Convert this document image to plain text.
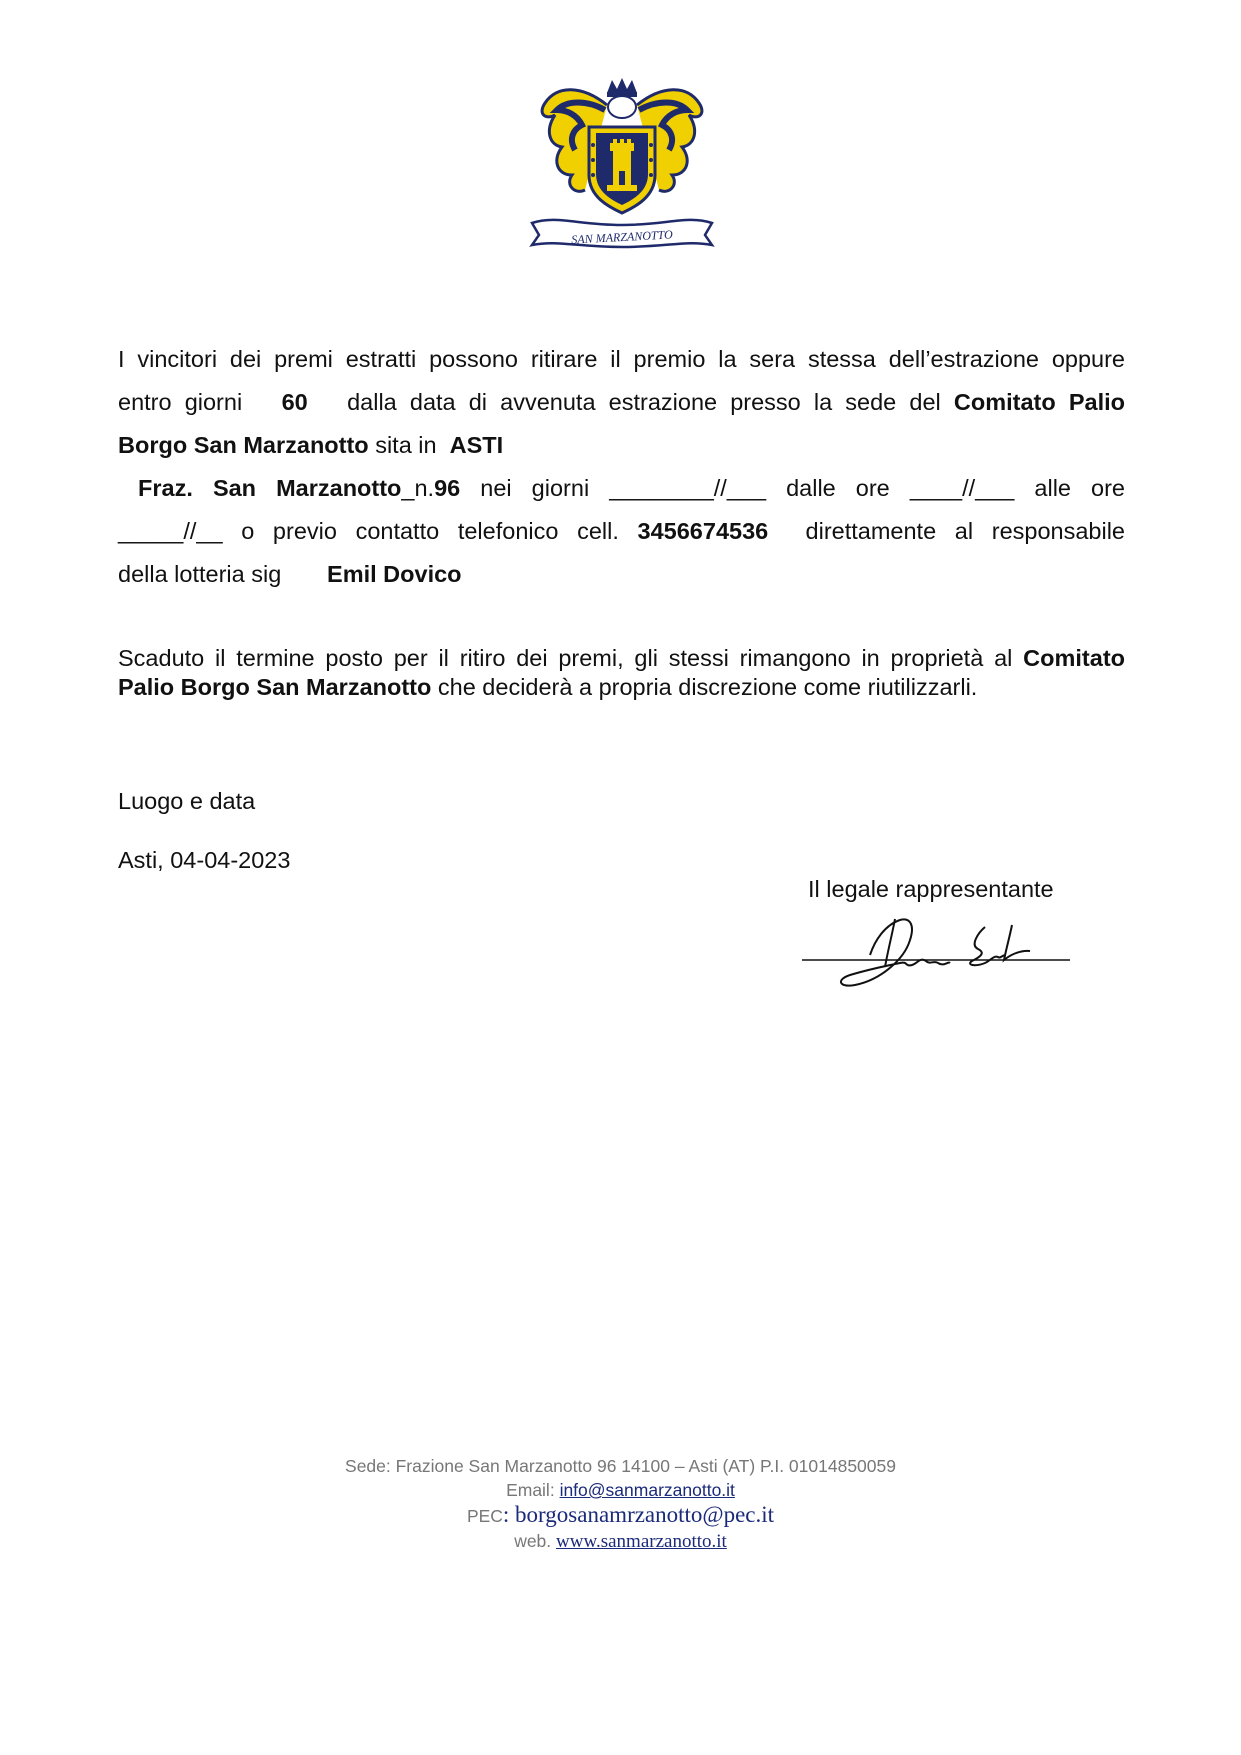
SAN MARZANOTTO
I vincitori dei premi estratti possono ritirare il premio la sera stessa dell’estrazione oppure
entro giorni 60 dalla data di avvenuta estrazione presso la sede del Comitato Palio
Borgo San Marzanotto sita in ASTI
Fraz. San Marzanotto_n.96 nei giorni ________//___ dalle ore ____//___ alle ore
_____//__ o previo contatto telefonico cell. 3456674536 direttamente al responsabile
della lotteria sig Emil Dovico
Scaduto il termine posto per il ritiro dei premi, gli stessi rimangono in proprietà al Comitato
Palio Borgo San Marzanotto che deciderà a propria discrezione come riutilizzarli.
Luogo e data
Asti, 04-04-2023
Il legale rappresentante
Sede: Frazione San Marzanotto 96 14100 – Asti (AT) P.I. 01014850059
Email: info@sanmarzanotto.it
PEC: borgosanamrzanotto@pec.it
web. www.sanmarzanotto.it
